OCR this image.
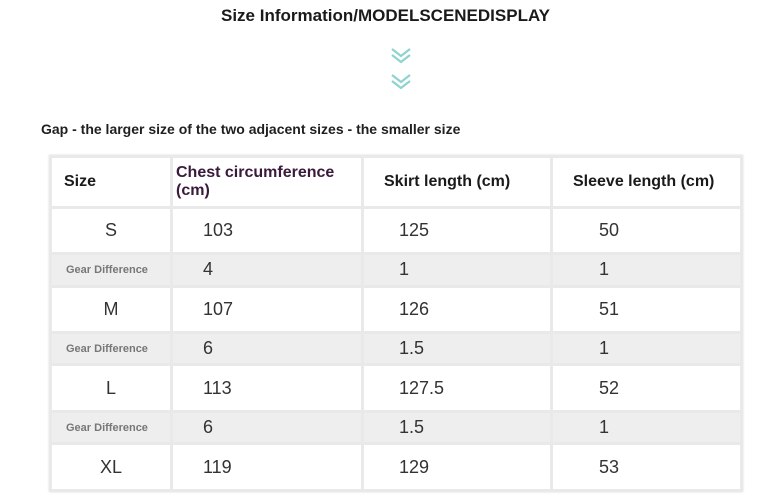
Size Information/MODELSCENEDISPLAY
Gap - the larger size of the two adjacent sizes - the smaller size
Size	Chest circumference (cm)	Skirt length (cm)	Sleeve length (cm)
S	103	125	50
Gear Difference	4	1	1
M	107	126	51
Gear Difference	6	1.5	1
L	113	127.5	52
Gear Difference	6	1.5	1
XL	119	129	53
